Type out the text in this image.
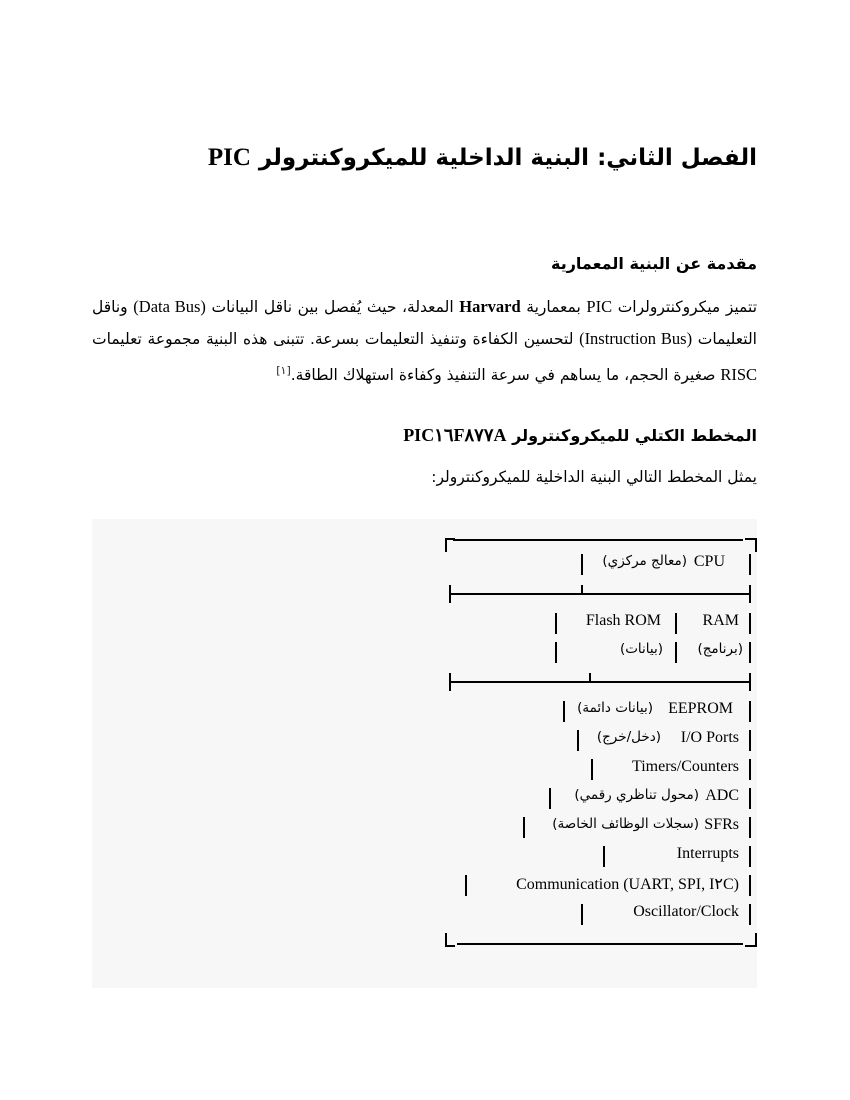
الفصل الثاني: البنية الداخلية للميكروكنترولر PIC
مقدمة عن البنية المعمارية

تتميز ميكروكنترولرات PIC بمعمارية Harvard المعدلة، حيث يُفصل بين ناقل البيانات (Data Bus) وناقل التعليمات (Instruction Bus) لتحسين الكفاءة وتنفيذ التعليمات بسرعة. تتبنى هذه البنية مجموعة تعليمات RISC صغيرة الحجم، ما يساهم في سرعة التنفيذ وكفاءة استهلاك الطاقة.[١]

المخطط الكتلي للميكروكنترولر PIC١٦F٨٧٧A

يمثل المخطط التالي البنية الداخلية للميكروكنترولر:

CPU
(معالج مركزي)
RAM
Flash ROM
(برنامج)
(بيانات)
EEPROM
(بيانات دائمة)
I/O Ports
(دخل/خرج)
Timers/Counters
ADC
(محول تناظري رقمي)
SFRs
(سجلات الوظائف الخاصة)
Interrupts
Communication (UART, SPI, I٢C)
Oscillator/Clock
